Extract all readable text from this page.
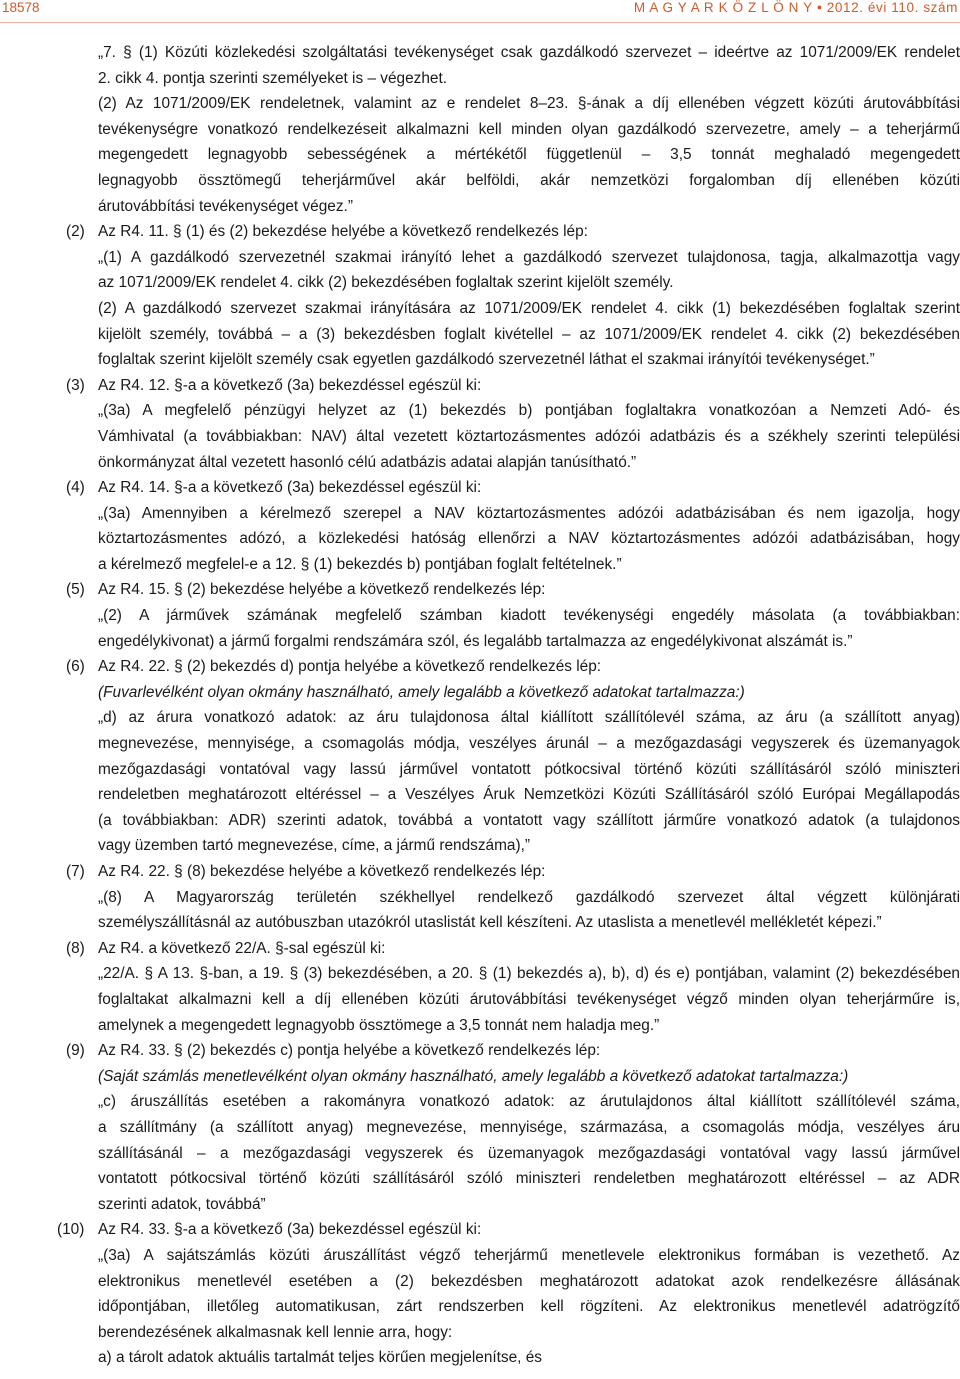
18578	M A G Y A R K Ö Z L Ö N Y ● 2012. évi 110. szám
„7. § (1) Közúti közlekedési szolgáltatási tevékenységet csak gazdálkodó szervezet – ideértve az 1071/2009/EK rendelet
2. cikk 4. pontja szerinti személyeket is – végezhet.
(2) Az 1071/2009/EK rendeletnek, valamint az e rendelet 8–23. §-ának a díj ellenében végzett közúti árutovábbítási
tevékenységre vonatkozó rendelkezéseit alkalmazni kell minden olyan gazdálkodó szervezetre, amely – a teherjármű
megengedett legnagyobb sebességének a mértékétől függetlenül – 3,5 tonnát meghaladó megengedett
legnagyobb össztömegű teherjárművel akár belföldi, akár nemzetközi forgalomban díj ellenében közúti
árutovábbítási tevékenységet végez.”
(2) Az R4. 11. § (1) és (2) bekezdése helyébe a következő rendelkezés lép:
„(1) A gazdálkodó szervezetnél szakmai irányító lehet a gazdálkodó szervezet tulajdonosa, tagja, alkalmazottja vagy
az 1071/2009/EK rendelet 4. cikk (2) bekezdésében foglaltak szerint kijelölt személy.
(2) A gazdálkodó szervezet szakmai irányítására az 1071/2009/EK rendelet 4. cikk (1) bekezdésében foglaltak szerint
kijelölt személy, továbbá – a (3) bekezdésben foglalt kivétellel – az 1071/2009/EK rendelet 4. cikk (2) bekezdésében
foglaltak szerint kijelölt személy csak egyetlen gazdálkodó szervezetnél láthat el szakmai irányítói tevékenységet.”
(3) Az R4. 12. §-a a következő (3a) bekezdéssel egészül ki:
„(3a) A megfelelő pénzügyi helyzet az (1) bekezdés b) pontjában foglaltakra vonatkozóan a Nemzeti Adó- és
Vámhivatal (a továbbiakban: NAV) által vezetett köztartozásmentes adózói adatbázis és a székhely szerinti települési
önkormányzat által vezetett hasonló célú adatbázis adatai alapján tanúsítható.”
(4) Az R4. 14. §-a a következő (3a) bekezdéssel egészül ki:
„(3a) Amennyiben a kérelmező szerepel a NAV köztartozásmentes adózói adatbázisában és nem igazolja, hogy
köztartozásmentes adózó, a közlekedési hatóság ellenőrzi a NAV köztartozásmentes adózói adatbázisában, hogy
a kérelmező megfelel-e a 12. § (1) bekezdés b) pontjában foglalt feltételnek.”
(5) Az R4. 15. § (2) bekezdése helyébe a következő rendelkezés lép:
„(2) A járművek számának megfelelő számban kiadott tevékenységi engedély másolata (a továbbiakban:
engedélykivonat) a jármű forgalmi rendszámára szól, és legalább tartalmazza az engedélykivonat alszámát is.”
(6) Az R4. 22. § (2) bekezdés d) pontja helyébe a következő rendelkezés lép:
(Fuvarlevélként olyan okmány használható, amely legalább a következő adatokat tartalmazza:)
„d) az árura vonatkozó adatok: az áru tulajdonosa által kiállított szállítólevél száma, az áru (a szállított anyag)
megnevezése, mennyisége, a csomagolás módja, veszélyes árunál – a mezőgazdasági vegyszerek és üzemanyagok
mezőgazdasági vontatóval vagy lassú járművel vontatott pótkocsival történő közúti szállításáról szóló miniszteri
rendeletben meghatározott eltéréssel – a Veszélyes Áruk Nemzetközi Közúti Szállításáról szóló Európai Megállapodás
(a továbbiakban: ADR) szerinti adatok, továbbá a vontatott vagy szállított járműre vonatkozó adatok (a tulajdonos
vagy üzemben tartó megnevezése, címe, a jármű rendszáma),”
(7) Az R4. 22. § (8) bekezdése helyébe a következő rendelkezés lép:
„(8) A Magyarország területén székhellyel rendelkező gazdálkodó szervezet által végzett különjárati
személyszállításnál az autóbuszban utazókról utaslistát kell készíteni. Az utaslista a menetlevél mellékletét képezi.”
(8) Az R4. a következő 22/A. §-sal egészül ki:
„22/A. § A 13. §-ban, a 19. § (3) bekezdésében, a 20. § (1) bekezdés a), b), d) és e) pontjában, valamint (2) bekezdésében
foglaltakat alkalmazni kell a díj ellenében közúti árutovábbítási tevékenységet végző minden olyan teherjárműre is,
amelynek a megengedett legnagyobb össztömege a 3,5 tonnát nem haladja meg.”
(9) Az R4. 33. § (2) bekezdés c) pontja helyébe a következő rendelkezés lép:
(Saját számlás menetlevélként olyan okmány használható, amely legalább a következő adatokat tartalmazza:)
„c) áruszállítás esetében a rakományra vonatkozó adatok: az árutulajdonos által kiállított szállítólevél száma,
a szállítmány (a szállított anyag) megnevezése, mennyisége, származása, a csomagolás módja, veszélyes áru
szállításánál – a mezőgazdasági vegyszerek és üzemanyagok mezőgazdasági vontatóval vagy lassú járművel
vontatott pótkocsival történő közúti szállításáról szóló miniszteri rendeletben meghatározott eltéréssel – az ADR
szerinti adatok, továbbá”
(10) Az R4. 33. §-a a következő (3a) bekezdéssel egészül ki:
„(3a) A sajátszámlás közúti áruszállítást végző teherjármű menetlevele elektronikus formában is vezethető. Az
elektronikus menetlevél esetében a (2) bekezdésben meghatározott adatokat azok rendelkezésre állásának
időpontjában, illetőleg automatikusan, zárt rendszerben kell rögzíteni. Az elektronikus menetlevél adatrögzítő
berendezésének alkalmasnak kell lennie arra, hogy:
a) a tárolt adatok aktuális tartalmát teljes körűen megjelenítse, és
